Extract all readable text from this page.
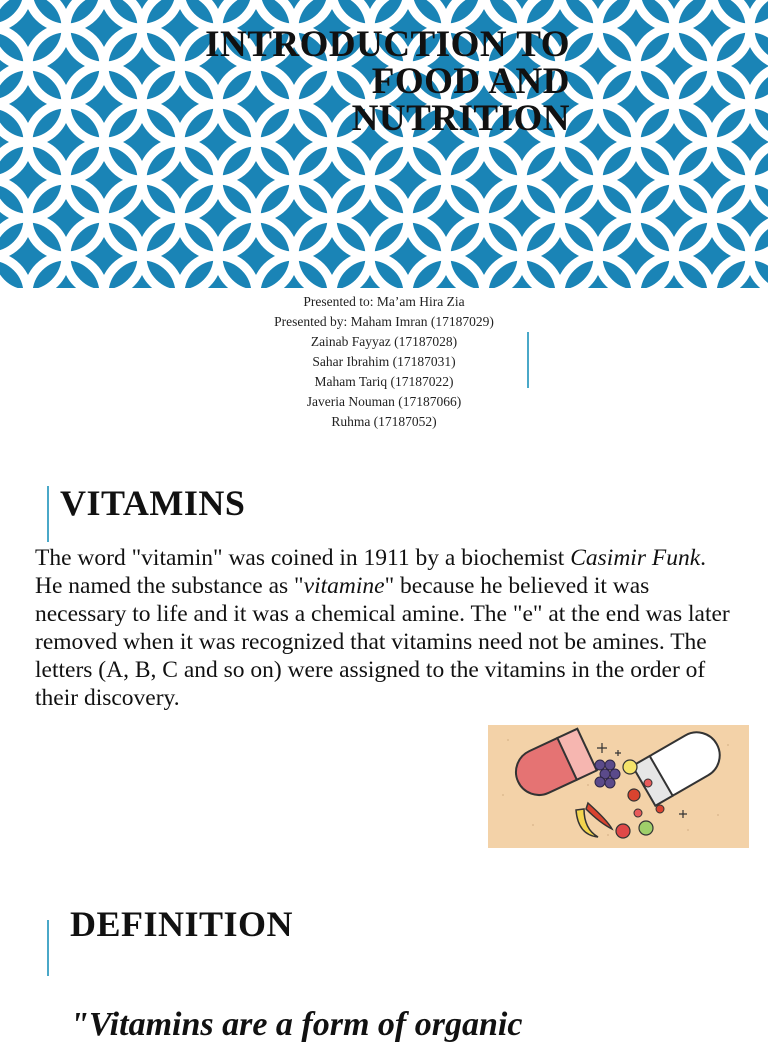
INTRODUCTION TO
FOOD AND
NUTRITION
Presented to: Ma’am Hira Zia
Presented by: Maham Imran (17187029)
Zainab Fayyaz (17187028)
Sahar Ibrahim (17187031)
Maham Tariq (17187022)
Javeria Nouman (17187066)
Ruhma (17187052)
VITAMINS

The word "vitamin" was coined in 1911 by a biochemist Casimir Funk. He named the substance as "vitamine" because he believed it was necessary to life and it was a chemical amine. The "e" at the end was later removed when it was recognized that vitamins need not be amines. The letters (A, B, C and so on) were assigned to the vitamins in the order of their discovery.

DEFINITION

"Vitamins are a form of organic
